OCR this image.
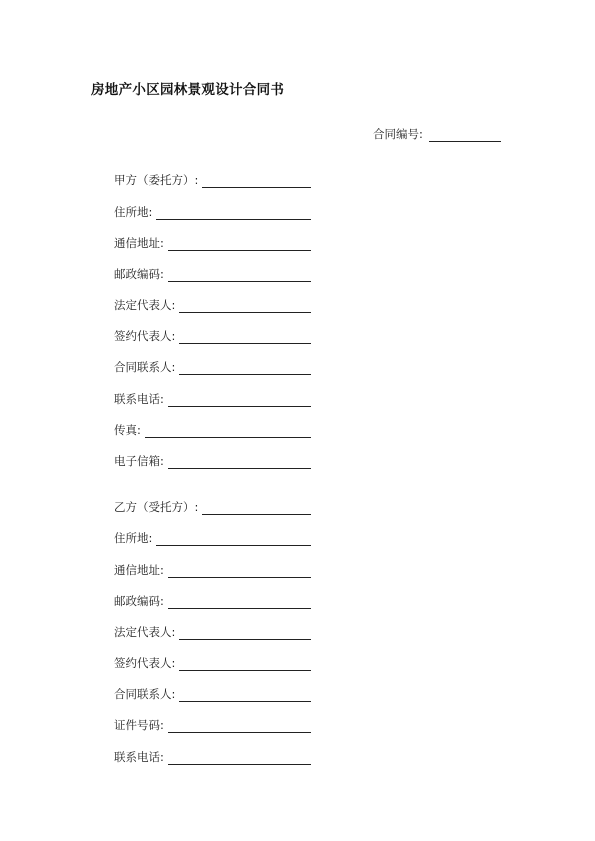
房地产小区园林景观设计合同书
合同编号:
甲方（委托方）:
住所地:
通信地址:
邮政编码:
法定代表人:
签约代表人:
合同联系人:
联系电话:
传真:
电子信箱:
乙方（受托方）:
住所地:
通信地址:
邮政编码:
法定代表人:
签约代表人:
合同联系人:
证件号码:
联系电话:
